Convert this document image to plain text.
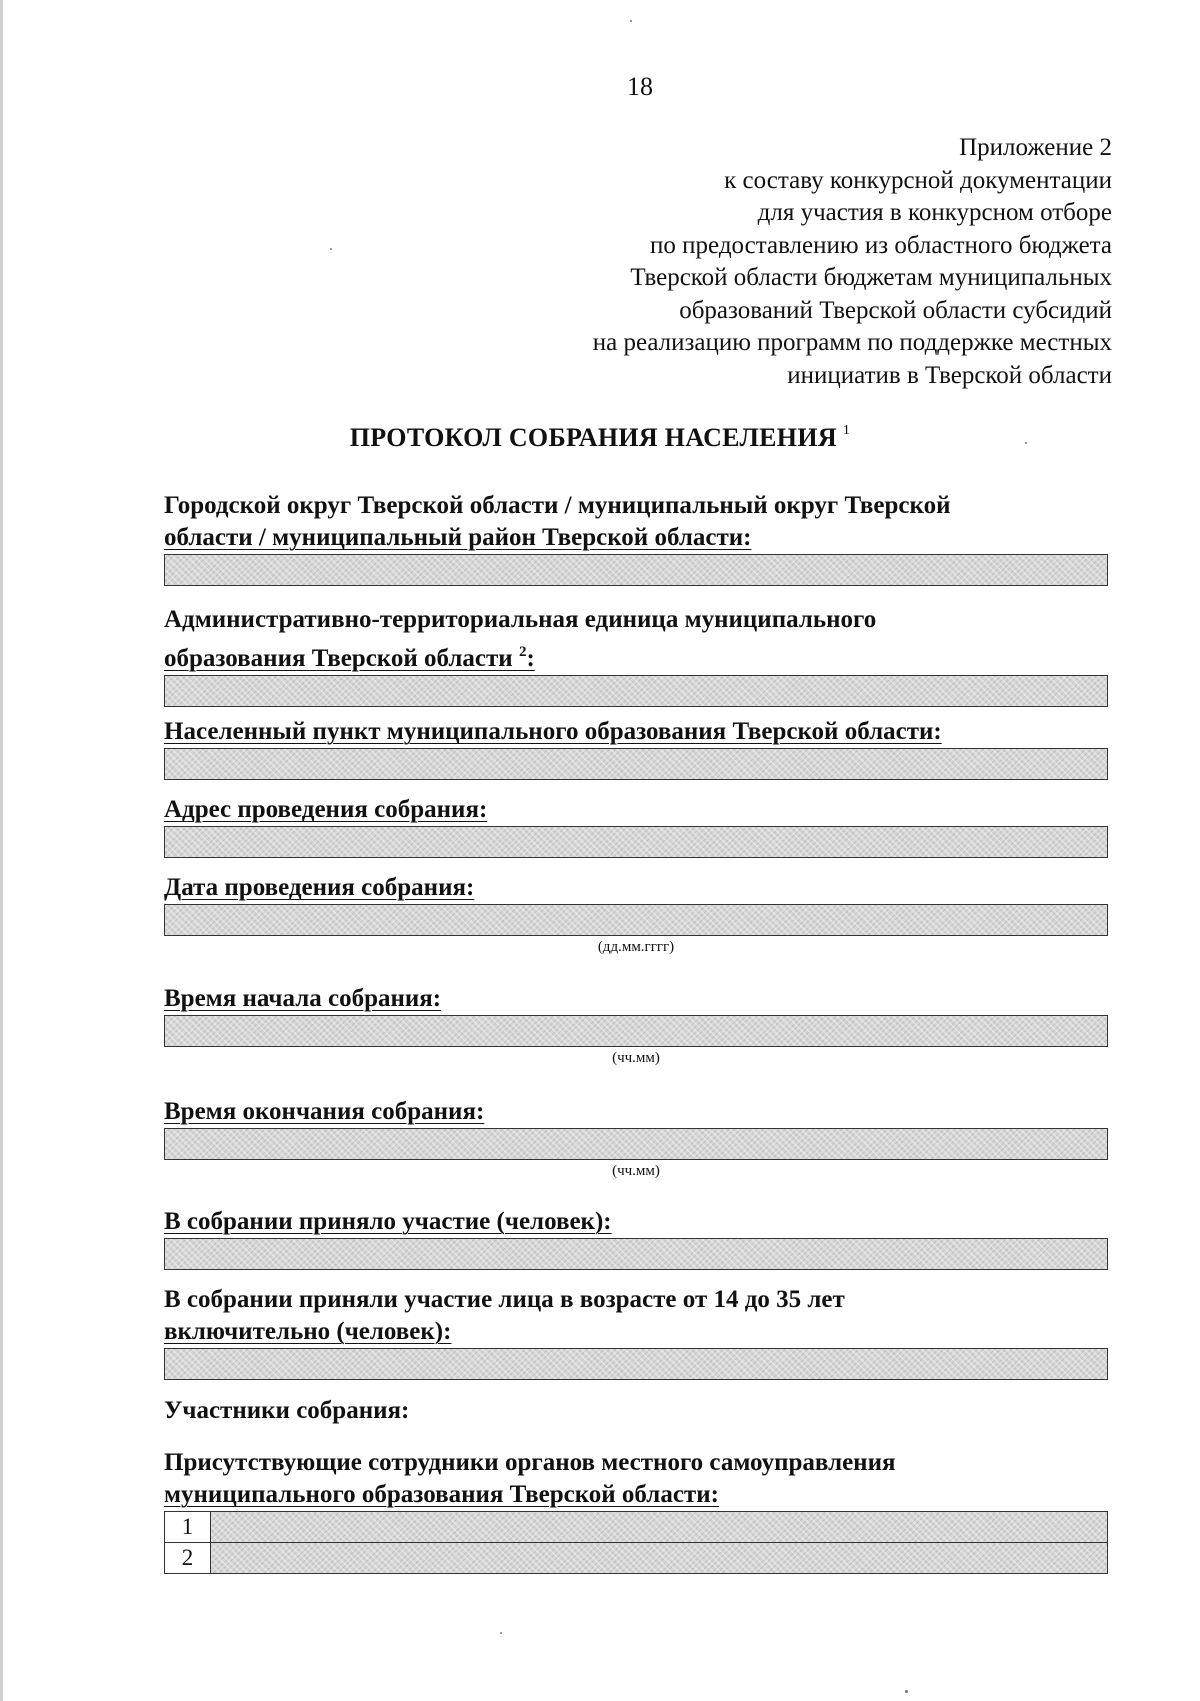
18
Приложение 2
к составу конкурсной документации
для участия в конкурсном отборе
по предоставлению из областного бюджета
Тверской области бюджетам муниципальных
образований Тверской области субсидий
на реализацию программ по поддержке местных
инициатив в Тверской области
ПРОТОКОЛ СОБРАНИЯ НАСЕЛЕНИЯ $^1$
Городской округ Тверской области / муниципальный округ Тверской
области / муниципальный район Тверской области:
Административно-территориальная единица муниципального
образования Тверской области $^2$:
Населенный пункт муниципального образования Тверской области:
Адрес проведения собрания:
Дата проведения собрания:
(дд.мм.гггг)
Время начала собрания:
(чч.мм)
Время окончания собрания:
(чч.мм)
В собрании приняло участие (человек):
В собрании приняли участие лица в возрасте от 14 до 35 лет
включительно (человек):
Участники собрания:
Присутствующие сотрудники органов местного самоуправления
муниципального образования Тверской области:
1	
2	
